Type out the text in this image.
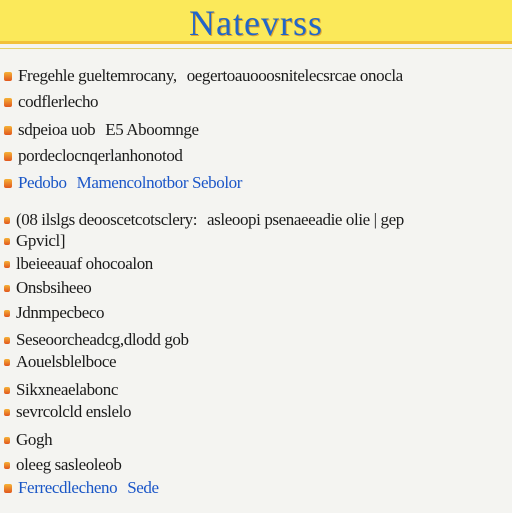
Natevrss
Fregehle gueltemrocany, oegertoauooosnitelecsrcae onocla
codflerlecho
sdpeioa uob E5 Aboomnge
pordeclocnqerlanhonotod
Pedobo Mamencolnotbor Sebolor
(08 ilslgs deooscetcotsclery: asleoopi psenaeeadie olie | gep
Gpvicl]
lbeieeauaf ohocoalon
Onsbsiheeo
Jdnmpecbeco
Seseoorcheadcg,dlodd gob
Aouelsblelboce
Sikxneaelabonc
sevrcolcld enslelo
Gogh
oleeg sasleoleob
Ferrecdlecheno Sede
